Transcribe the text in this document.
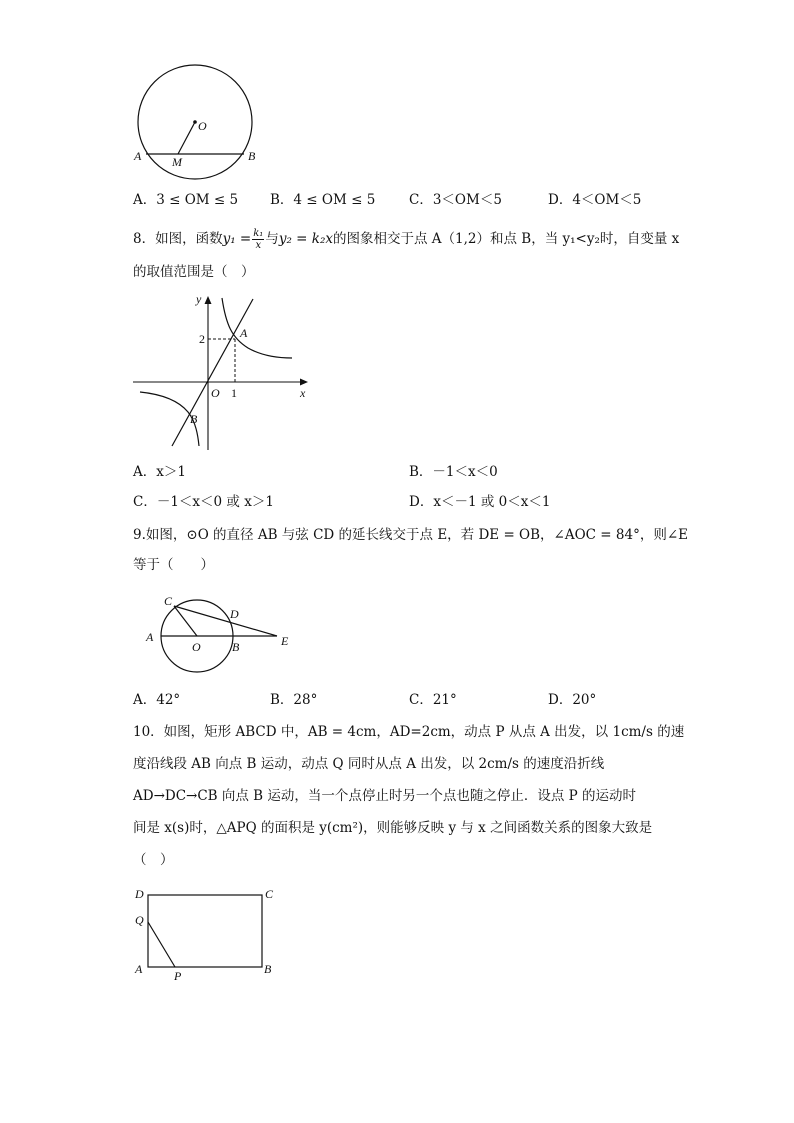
O
A	B
M
A．3 ≤ OM ≤ 5 B．4 ≤ OM ≤ 5 C．3＜OM＜5	D．4＜OM＜5
8．如图，函数$y_1 = \frac{\text{k₁}}{x}$ 与y₂ = k₂x的图象相交于点 A（1,2）和点 B，当 y₁<y₂时，自变量 x
的取值范围是（　）
y
x
O
A
B
2
1
A．x＞1	B．－1＜x＜0
C．－1＜x＜0 或 x＞1	D．x＜－1 或 0＜x＜1
9.如图，⊙O 的直径 AB 与弦 CD 的延长线交于点 E，若 DE = OB，∠AOC = 84°，则∠E
等于（　　）
C
D
A
O	B	E
A．42°	B．28°	C．21°	D．20°
10．如图，矩形 ABCD 中，AB = 4cm，AD=2cm，动点 P 从点 A 出发，以 1cm/s 的速
度沿线段 AB 向点 B 运动，动点 Q 同时从点 A 出发，以 2cm/s 的速度沿折线
AD→DC→CB 向点 B 运动，当一个点停止时另一个点也随之停止．设点 P 的运动时
间是 x(s)时，△APQ 的面积是 y(cm²)，则能够反映 y 与 x 之间函数关系的图象大致是
（　）
D	C
Q
A	P	B
